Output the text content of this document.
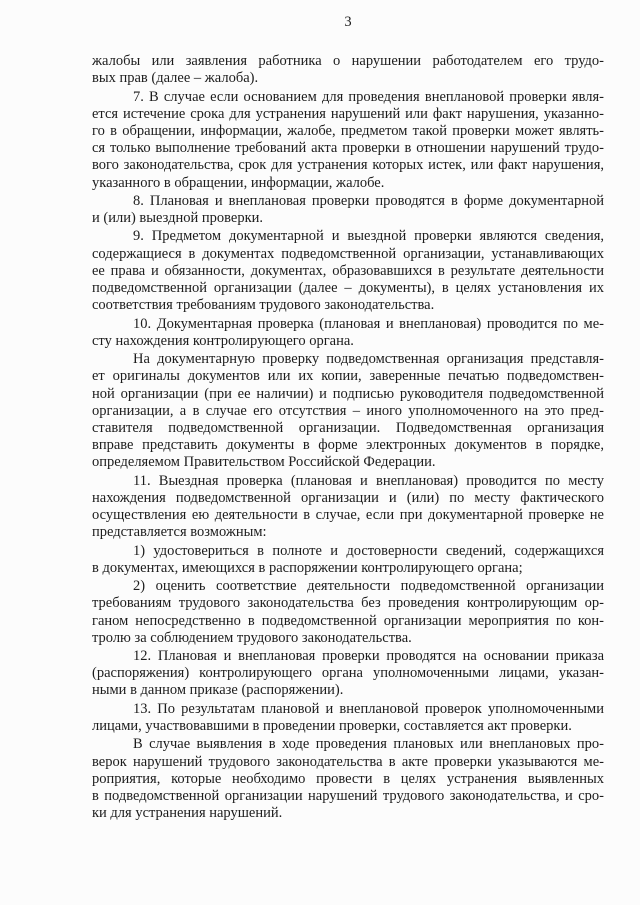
3
жалобы или заявления работника о нарушении работодателем его трудо-
вых прав (далее – жалоба).
7. В случае если основанием для проведения внеплановой проверки явля-
ется истечение срока для устранения нарушений или факт нарушения, указанно-
го в обращении, информации, жалобе, предметом такой проверки может являть-
ся только выполнение требований акта проверки в отношении нарушений трудо-
вого законодательства, срок для устранения которых истек, или факт нарушения,
указанного в обращении, информации, жалобе.
8. Плановая и внеплановая проверки проводятся в форме документарной
и (или) выездной проверки.
9. Предметом документарной и выездной проверки являются сведения,
содержащиеся в документах подведомственной организации, устанавливающих
ее права и обязанности, документах, образовавшихся в результате деятельности
подведомственной организации (далее – документы), в целях установления их
соответствия требованиям трудового законодательства.
10. Документарная проверка (плановая и внеплановая) проводится по ме-
сту нахождения контролирующего органа.
На документарную проверку подведомственная организация представля-
ет оригиналы документов или их копии, заверенные печатью подведомствен-
ной организации (при ее наличии) и подписью руководителя подведомственной
организации, а в случае его отсутствия – иного уполномоченного на это пред-
ставителя подведомственной организации. Подведомственная организация
вправе представить документы в форме электронных документов в порядке,
определяемом Правительством Российской Федерации.
11. Выездная проверка (плановая и внеплановая) проводится по месту
нахождения подведомственной организации и (или) по месту фактического
осуществления ею деятельности в случае, если при документарной проверке не
представляется возможным:
1) удостовериться в полноте и достоверности сведений, содержащихся
в документах, имеющихся в распоряжении контролирующего органа;
2) оценить соответствие деятельности подведомственной организации
требованиям трудового законодательства без проведения контролирующим ор-
ганом непосредственно в подведомственной организации мероприятия по кон-
тролю за соблюдением трудового законодательства.
12. Плановая и внеплановая проверки проводятся на основании приказа
(распоряжения) контролирующего органа уполномоченными лицами, указан-
ными в данном приказе (распоряжении).
13. По результатам плановой и внеплановой проверок уполномоченными
лицами, участвовавшими в проведении проверки, составляется акт проверки.
В случае выявления в ходе проведения плановых или внеплановых про-
верок нарушений трудового законодательства в акте проверки указываются ме-
роприятия, которые необходимо провести в целях устранения выявленных
в подведомственной организации нарушений трудового законодательства, и сро-
ки для устранения нарушений.
